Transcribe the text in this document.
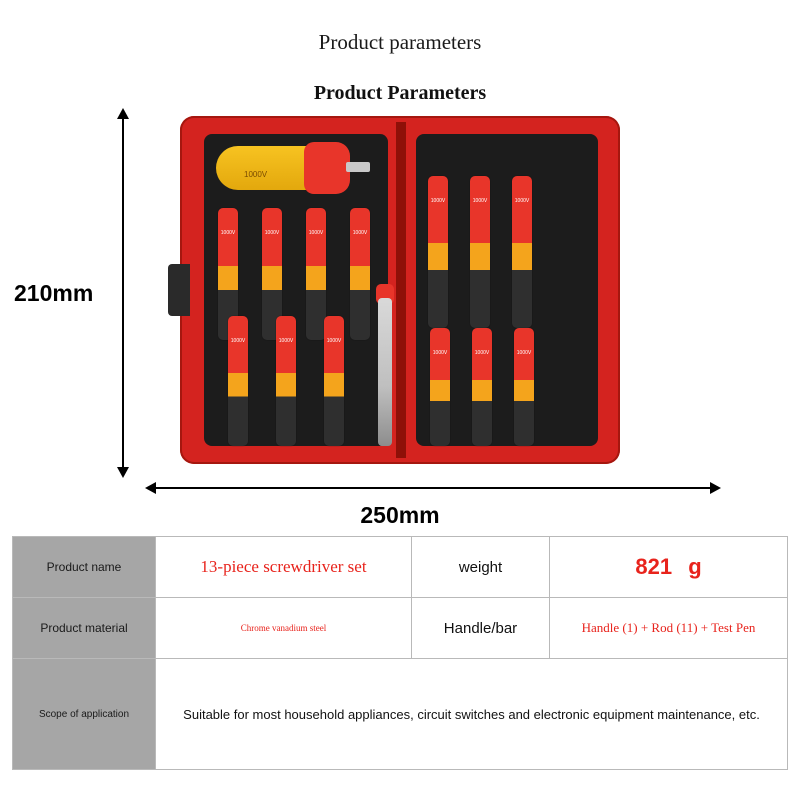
Product parameters
Product Parameters
210mm
250mm
1000V
1000V	1000V	1000V	1000V
1000V	1000V	1000V
1000V	1000V	1000V
1000V	1000V	1000V
Product name	13-piece screwdriver set	weight	821 g
Product material	Chrome vanadium steel	Handle/bar	Handle (1) + Rod (11) + Test Pen
Scope of application	Suitable for most household appliances, circuit switches and electronic equipment maintenance, etc.		
